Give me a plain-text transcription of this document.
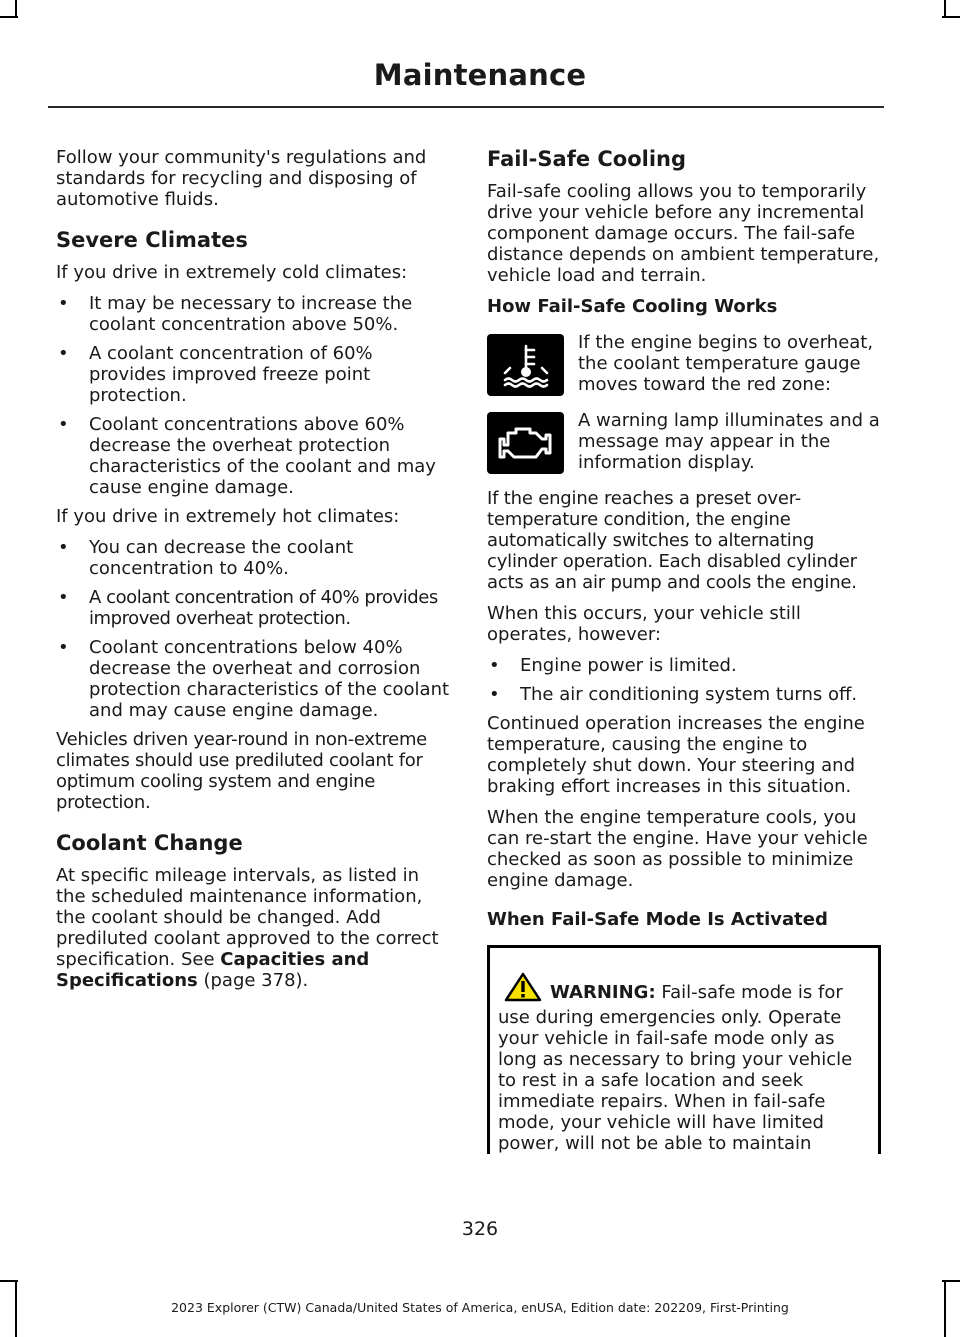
Maintenance

Follow your community's regulations and standards for recycling and disposing of automotive fluids.

Severe Climates

If you drive in extremely cold climates:

• It may be necessary to increase the coolant concentration above 50%.
• A coolant concentration of 60% provides improved freeze point protection.
• Coolant concentrations above 60% decrease the overheat protection characteristics of the coolant and may cause engine damage.

If you drive in extremely hot climates:

• You can decrease the coolant concentration to 40%.
• A coolant concentration of 40% provides improved overheat protection.
• Coolant concentrations below 40% decrease the overheat and corrosion protection characteristics of the coolant and may cause engine damage.

Vehicles driven year-round in non-extreme climates should use prediluted coolant for optimum cooling system and engine protection.

Coolant Change

At specific mileage intervals, as listed in the scheduled maintenance information, the coolant should be changed. Add prediluted coolant approved to the correct specification. See Capacities and Specifications (page 378).

Fail-Safe Cooling

Fail-safe cooling allows you to temporarily drive your vehicle before any incremental component damage occurs. The fail-safe distance depends on ambient temperature, vehicle load and terrain.

How Fail-Safe Cooling Works

If the engine begins to overheat, the coolant temperature gauge moves toward the red zone:

A warning lamp illuminates and a message may appear in the information display.

If the engine reaches a preset over-temperature condition, the engine automatically switches to alternating cylinder operation. Each disabled cylinder acts as an air pump and cools the engine.

When this occurs, your vehicle still operates, however:

• Engine power is limited.
• The air conditioning system turns off.

Continued operation increases the engine temperature, causing the engine to completely shut down. Your steering and braking effort increases in this situation.

When the engine temperature cools, you can re-start the engine. Have your vehicle checked as soon as possible to minimize engine damage.

When Fail-Safe Mode Is Activated
WARNING: Fail-safe mode is for use during emergencies only. Operate your vehicle in fail-safe mode only as long as necessary to bring your vehicle to rest in a safe location and seek immediate repairs. When in fail-safe mode, your vehicle will have limited power, will not be able to maintain
326
2023 Explorer (CTW) Canada/United States of America, enUSA, Edition date: 202209, First-Printing
